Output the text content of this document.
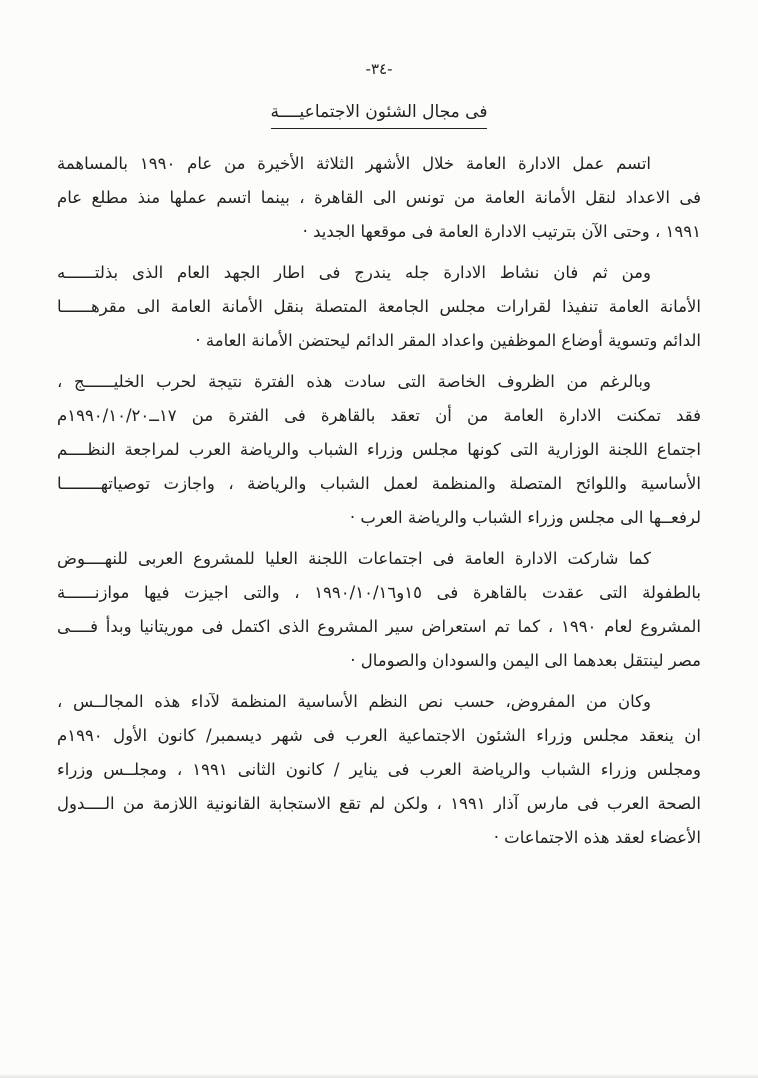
-٣٤-
فى مجال الشئون الاجتماعيــــة
اتسم عمل الادارة العامة خلال الأشهر الثلاثة الأخيرة من عام ١٩٩٠ بالمساهمة
فى الاعداد لنقل الأمانة العامة من تونس الى القاهرة ، بينما اتسم عملها منذ مطلع عام
١٩٩١ ، وحتى الآن بترتيب الادارة العامة فى موقعها الجديد ·
ومن ثم فان نشاط الادارة جله يندرج فى اطار الجهد العام الذى بذلتــــــه
الأمانة العامة تنفيذا لقرارات مجلس الجامعة المتصلة بنقل الأمانة العامة الى مقرهــــــا
الدائم وتسوية أوضاع الموظفين واعداد المقر الدائم ليحتضن الأمانة العامة ·
وبالرغم من الظروف الخاصة التى سادت هذه الفترة نتيجة لحرب الخليــــــج ،
فقد تمكنت الادارة العامة من أن تعقد بالقاهرة فى الفترة من ١٧ــ٢٠‏/‏١٠‏/‏١٩٩٠م
اجتماع اللجنة الوزارية التى كونها مجلس وزراء الشباب والرياضة العرب لمراجعة النظــــم
الأساسية واللوائح المتصلة والمنظمة لعمل الشباب والرياضة ، واجازت توصياتهــــــــا
لرفعــها الى مجلس وزراء الشباب والرياضة العرب ·
كما شاركت الادارة العامة فى اجتماعات اللجنة العليا للمشروع العربى للنهــــوض
بالطفولة التى عقدت بالقاهرة فى ١٥و١٦‏/‏١٠‏/‏١٩٩٠ ، والتى اجيزت فيها موازنــــــة
المشروع لعام ١٩٩٠ ، كما تم استعراض سير المشروع الذى اكتمل فى موريتانيا وبدأ فــــى
مصر لينتقل بعدهما الى اليمن والسودان والصومال ·
وكان من المفروض، حسب نص النظم الأساسية المنظمة لآداء هذه المجالــس ،
ان ينعقد مجلس وزراء الشئون الاجتماعية العرب فى شهر ديسمبر/ كانون الأول ١٩٩٠م
ومجلس وزراء الشباب والرياضة العرب فى يناير / كانون الثانى ١٩٩١ ، ومجلــس وزراء
الصحة العرب فى مارس آذار ١٩٩١ ، ولكن لم تقع الاستجابة القانونية اللازمة من الــــدول
الأعضاء لعقد هذه الاجتماعات ·
